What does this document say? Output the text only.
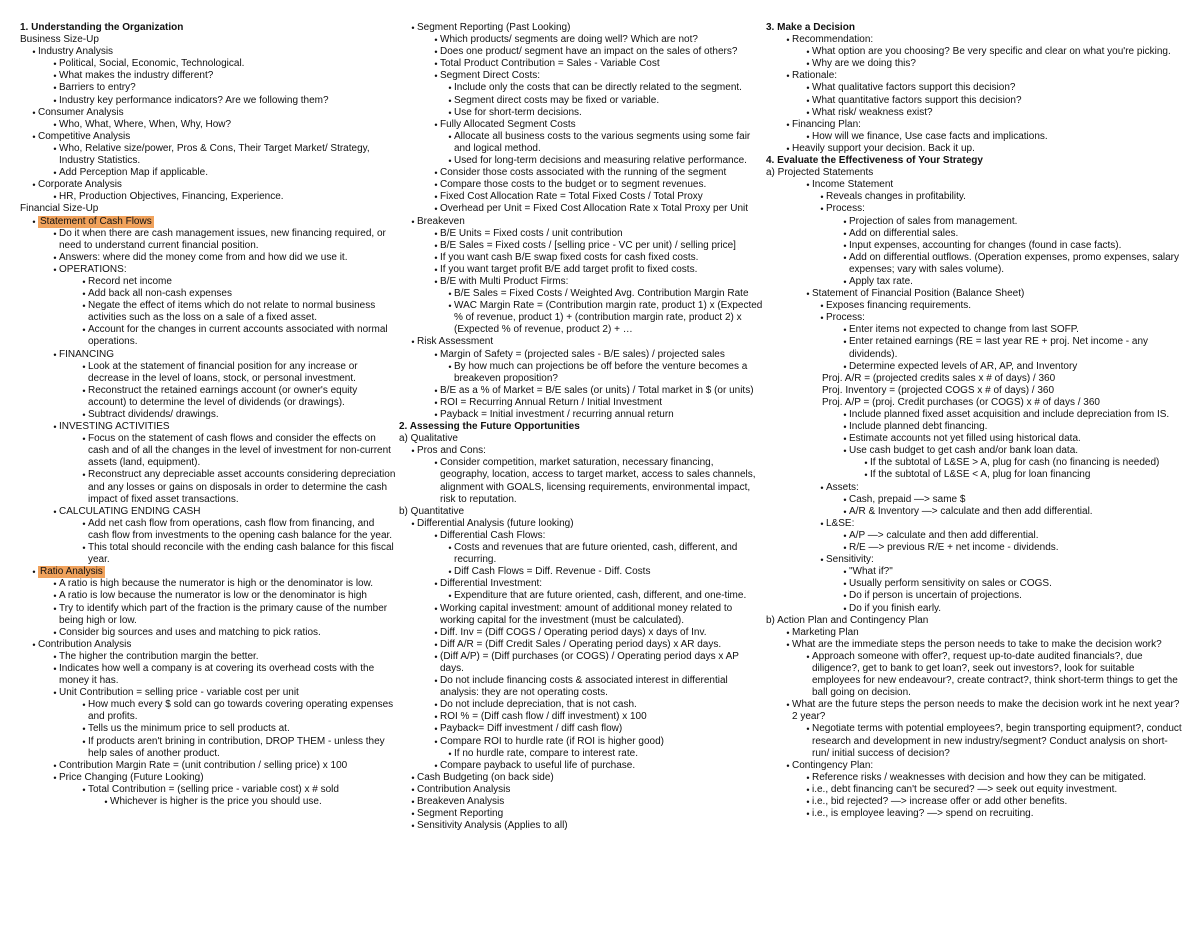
1. Understanding the Organization
Business Size-Up
• Industry Analysis
• Political, Social, Economic, Technological.
• What makes the industry different?
• Barriers to entry?
• Industry key performance indicators? Are we following them?
• Consumer Analysis
• Who, What, Where, When, Why, How?
• Competitive Analysis
• Who, Relative size/power, Pros & Cons, Their Target Market/ Strategy, Industry Statistics.
• Add Perception Map if applicable.
• Corporate Analysis
• HR, Production Objectives, Financing, Experience.
Financial Size-Up
• Statement of Cash Flows
• Do it when there are cash management issues, new financing required, or need to understand current financial position.
• Answers: where did the money come from and how did we use it.
• OPERATIONS:
• Record net income
• Add back all non-cash expenses
• Negate the effect of items which do not relate to normal business activities such as the loss on a sale of a fixed asset.
• Account for the changes in current accounts associated with normal operations.
• FINANCING
• Look at the statement of financial position for any increase or decrease in the level of loans, stock, or personal investment.
• Reconstruct the retained earnings account (or owner's equity account) to determine the level of dividends (or drawings).
• Subtract dividends/ drawings.
• INVESTING ACTIVITIES
• Focus on the statement of cash flows and consider the effects on cash and of all the changes in the level of investment for non-current assets (land, equipment).
• Reconstruct any depreciable asset accounts considering depreciation and any losses or gains on disposals in order to determine the cash impact of fixed asset transactions.
• CALCULATING ENDING CASH
• Add net cash flow from operations, cash flow from financing, and cash flow from investments to the opening cash balance for the year.
• This total should reconcile with the ending cash balance for this fiscal year.
• Ratio Analysis
• A ratio is high because the numerator is high or the denominator is low.
• A ratio is low because the numerator is low or the denominator is high
• Try to identify which part of the fraction is the primary cause of the number being high or low.
• Consider big sources and uses and matching to pick ratios.
• Contribution Analysis
• The higher the contribution margin the better.
• Indicates how well a company is at covering its overhead costs with the money it has.
• Unit Contribution = selling price - variable cost per unit
• How much every $ sold can go towards covering operating expenses and profits.
• Tells us the minimum price to sell products at.
• If products aren't brining in contribution, DROP THEM - unless they help sales of another product.
• Contribution Margin Rate = (unit contribution / selling price) x 100
• Price Changing (Future Looking)
• Total Contribution = (selling price - variable cost) x # sold
• Whichever is higher is the price you should use.
• Segment Reporting (Past Looking)
• Which products/ segments are doing well? Which are not?
• Does one product/ segment have an impact on the sales of others?
• Total Product Contribution = Sales - Variable Cost
• Segment Direct Costs:
• Include only the costs that can be directly related to the segment.
• Segment direct costs may be fixed or variable.
• Use for short-term decisions.
• Fully Allocated Segment Costs
• Allocate all business costs to the various segments using some fair and logical method.
• Used for long-term decisions and measuring relative performance.
• Consider those costs associated with the running of the segment
• Compare those costs to the budget or to segment revenues.
• Fixed Cost Allocation Rate = Total Fixed Costs / Total Proxy
• Overhead per Unit = Fixed Cost Allocation Rate x Total Proxy per Unit
• Breakeven
• B/E Units = Fixed costs / unit contribution
• B/E Sales = Fixed costs / [selling price - VC per unit) / selling price]
• If you want cash B/E swap fixed costs for cash fixed costs.
• If you want target profit B/E add target profit to fixed costs.
• B/E with Multi Product Firms:
• B/E Sales = Fixed Costs / Weighted Avg. Contribution Margin Rate
• WAC Margin Rate = (Contribution margin rate, product 1) x (Expected % of revenue, product 1) + (contribution margin rate, product 2) x (Expected % of revenue, product 2) + …
• Risk Assessment
• Margin of Safety = (projected sales - B/E sales) / projected sales
• By how much can projections be off before the venture becomes a breakeven proposition?
• B/E as a % of Market = B/E sales (or units) / Total market in $ (or units)
• ROI = Recurring Annual Return / Initial Investment
• Payback = Initial investment / recurring annual return
2. Assessing the Future Opportunities
a) Qualitative
• Pros and Cons:
• Consider competition, market saturation, necessary financing, geography, location, access to target market, access to sales channels, alignment with GOALS, licensing requirements, environmental impact, risk to reputation.
b) Quantitative
• Differential Analysis (future looking)
• Differential Cash Flows:
• Costs and revenues that are future oriented, cash, different, and recurring.
• Diff Cash Flows = Diff. Revenue - Diff. Costs
• Differential Investment:
• Expenditure that are future oriented, cash, different, and one-time.
• Working capital investment: amount of additional money related to working capital for the investment (must be calculated).
• Diff. Inv = (Diff COGS / Operating period days) x days of Inv.
• Diff A/R = (Diff Credit Sales / Operating period days) x AR days.
• (Diff A/P) = (Diff purchases (or COGS) / Operating period days x AP days.
• Do not include financing costs & associated interest in differential analysis: they are not operating costs.
• Do not include depreciation, that is not cash.
• ROI % = (Diff cash flow / diff investment) x 100
• Payback= Diff investment / diff cash flow)
• Compare ROI to hurdle rate (if ROI is higher good)
• If no hurdle rate, compare to interest rate.
• Compare payback to useful life of purchase.
• Cash Budgeting (on back side)
• Contribution Analysis
• Breakeven Analysis
• Segment Reporting
• Sensitivity Analysis (Applies to all)
3. Make a Decision
• Recommendation:
• What option are you choosing? Be very specific and clear on what you're picking.
• Why are we doing this?
• Rationale:
• What qualitative factors support this decision?
• What quantitative factors support this decision?
• What risk/ weakness exist?
• Financing Plan:
• How will we finance, Use case facts and implications.
• Heavily support your decision. Back it up.
4. Evaluate the Effectiveness of Your Strategy
a) Projected Statements
• Income Statement
• Reveals changes in profitability.
• Process:
• Projection of sales from management.
• Add on differential sales.
• Input expenses, accounting for changes (found in case facts).
• Add on differential outflows. (Operation expenses, promo expenses, salary expenses; vary with sales volume).
• Apply tax rate.
• Statement of Financial Position (Balance Sheet)
• Exposes financing requirements.
• Process:
• Enter items not expected to change from last SOFP.
• Enter retained earnings (RE = last year RE + proj. Net income - any dividends).
• Determine expected levels of AR, AP, and Inventory
Proj. A/R = (projected credits sales x # of days) / 360
Proj. Inventory = (projected COGS x # of days) / 360
Proj. A/P = (proj. Credit purchases (or COGS) x # of days / 360
• Include planned fixed asset acquisition and include depreciation from IS.
• Include planned debt financing.
• Estimate accounts not yet filled using historical data.
• Use cash budget to get cash and/or bank loan data.
• If the subtotal of L&SE > A, plug for cash (no financing is needed)
• If the subtotal of L&SE < A, plug for loan financing
• Assets:
• Cash, prepaid —> same $
• A/R & Inventory —> calculate and then add differential.
• L&SE:
• A/P —> calculate and then add differential.
• R/E —> previous R/E + net income - dividends.
• Sensitivity:
• "What if?"
• Usually perform sensitivity on sales or COGS.
• Do if person is uncertain of projections.
• Do if you finish early.
b) Action Plan and Contingency Plan
• Marketing Plan
• What are the immediate steps the person needs to take to make the decision work?
• Approach someone with offer?, request up-to-date audited financials?, due diligence?, get to bank to get loan?, seek out investors?, look for suitable employees for new endeavour?, create contract?, think short-term things to get the ball going on decision.
• What are the future steps the person needs to make the decision work int he next year? 2 year?
• Negotiate terms with potential employees?, begin transporting equipment?, conduct research and development in new industry/segment? Conduct analysis on short-run/ initial success of decision?
• Contingency Plan:
• Reference risks / weaknesses with decision and how they can be mitigated.
• i.e., debt financing can't be secured? —> seek out equity investment.
• i.e., bid rejected? —> increase offer or add other benefits.
• i.e., is employee leaving? —> spend on recruiting.
